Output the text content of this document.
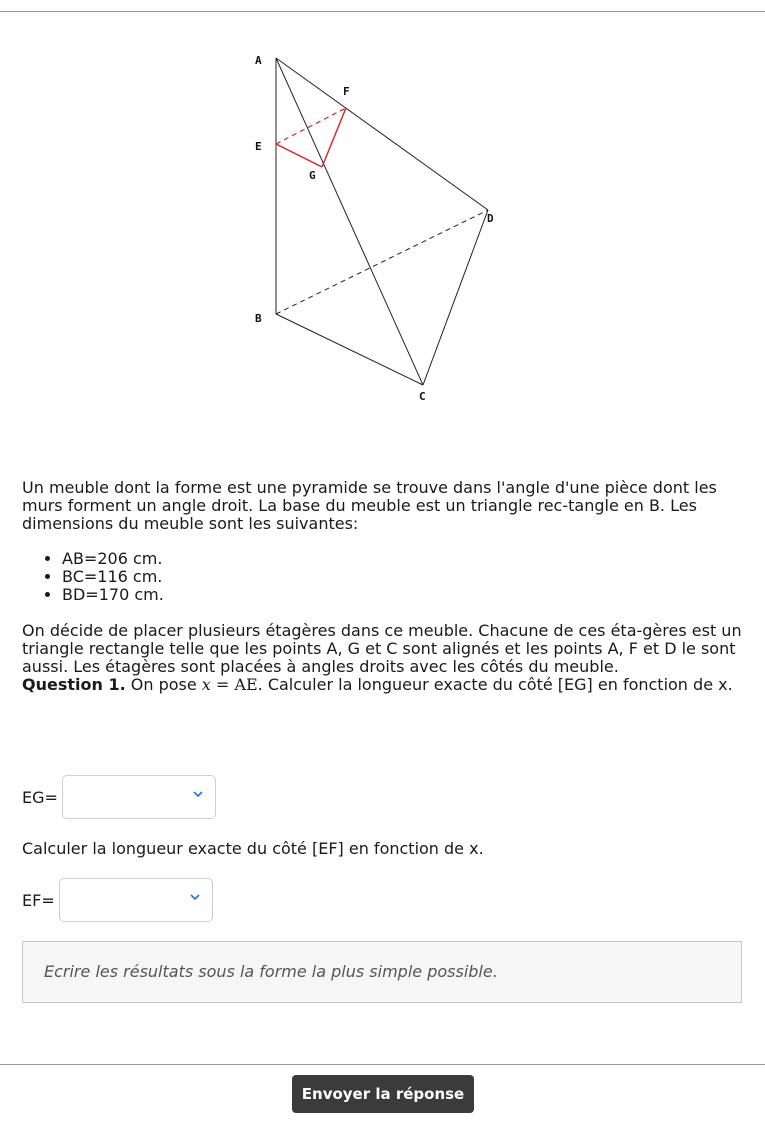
A
F
E
G
D
B
C

Un meuble dont la forme est une pyramide se trouve dans l'angle d'une pièce dont les murs forment un angle droit. La base du meuble est un triangle rec-tangle en B. Les dimensions du meuble sont les suivantes:

• AB=206 cm.
• BC=116 cm.
• BD=170 cm.

On décide de placer plusieurs étagères dans ce meuble. Chacune de ces éta-gères est un triangle rectangle telle que les points A, G et C sont alignés et les points A, F et D le sont aussi. Les étagères sont placées à angles droits avec les côtés du meuble.

Question 1. On pose x = AE. Calculer la longueur exacte du côté [EG] en fonction de x.

EG=

Calculer la longueur exacte du côté [EF] en fonction de x.

EF=
Ecrire les résultats sous la forme la plus simple possible.
Envoyer la réponse
